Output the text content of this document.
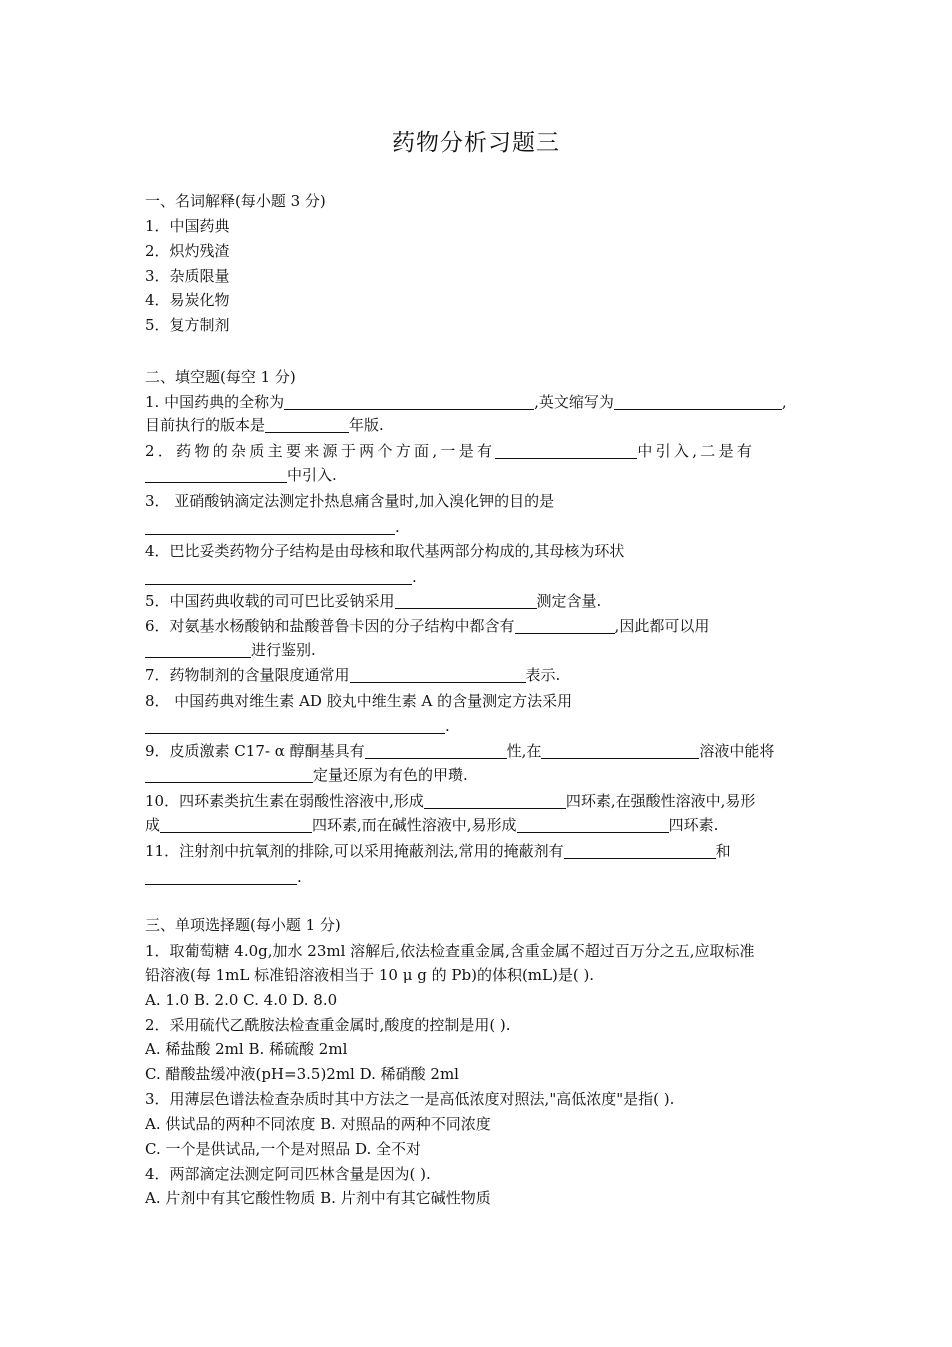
药物分析习题三
一、名词解释(每小题 3 分)
1．中国药典
2．炽灼残渣
3．杂质限量
4．易炭化物
5．复方制剂
二、填空题(每空 1 分)
1. 中国药典的全称为	,英文缩写为	,
目前执行的版本是	年版.
2．药物的杂质主要来源于两个方面,一是有	中引入,二是有
中引入.
3． 亚硝酸钠滴定法测定扑热息痛含量时,加入溴化钾的目的是
.
4．巴比妥类药物分子结构是由母核和取代基两部分构成的,其母核为环状
.
5．中国药典收载的司可巴比妥钠采用	测定含量.
6．对氨基水杨酸钠和盐酸普鲁卡因的分子结构中都含有	,因此都可以用
进行鉴别.
7．药物制剂的含量限度通常用	表示.
8． 中国药典对维生素 AD 胶丸中维生素 A 的含量测定方法采用
.
9．皮质激素 C17- α 醇酮基具有	性,在	溶液中能将
定量还原为有色的甲瓒.
10．四环素类抗生素在弱酸性溶液中,形成	四环素,在强酸性溶液中,易形
成	四环素,而在碱性溶液中,易形成	四环素.
11．注射剂中抗氧剂的排除,可以采用掩蔽剂法,常用的掩蔽剂有	和
.
三、单项选择题(每小题 1 分)
1．取葡萄糖 4.0g,加水 23ml 溶解后,依法检查重金属,含重金属不超过百万分之五,应取标准
铅溶液(每 1mL 标准铅溶液相当于 10 μ g 的 Pb)的体积(mL)是( ).
A. 1.0 B. 2.0 C. 4.0 D. 8.0
2．采用硫代乙酰胺法检查重金属时,酸度的控制是用( ).
A. 稀盐酸 2ml B. 稀硫酸 2ml
C. 醋酸盐缓冲液(pH=3.5)2ml D. 稀硝酸 2ml
3．用薄层色谱法检查杂质时其中方法之一是高低浓度对照法,"高低浓度"是指( ).
A. 供试品的两种不同浓度 B. 对照品的两种不同浓度
C. 一个是供试品,一个是对照品 D. 全不对
4．两部滴定法测定阿司匹林含量是因为( ).
A. 片剂中有其它酸性物质 B. 片剂中有其它碱性物质
